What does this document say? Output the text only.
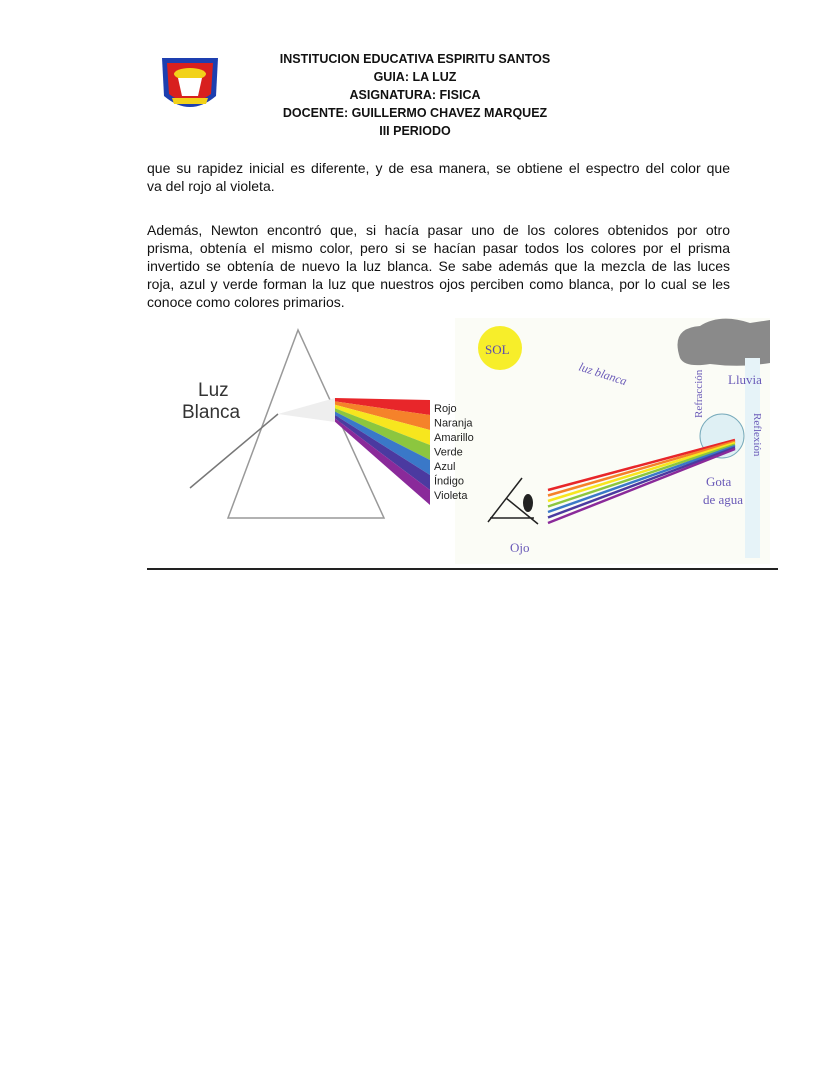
INSTITUCION EDUCATIVA ESPIRITU SANTOS
GUIA: LA LUZ
ASIGNATURA: FISICA
DOCENTE: GUILLERMO CHAVEZ MARQUEZ
III PERIODO
que su rapidez inicial es diferente, y de esa manera, se obtiene el espectro del color que
va del rojo al violeta.
Además, Newton encontró que, si hacía pasar uno de los colores obtenidos por otro
prisma, obtenía el mismo color, pero si se hacían pasar todos los colores por el prisma
invertido se obtenía de nuevo la luz blanca. Se sabe además que la mezcla de las luces
roja, azul y verde forman la luz que nuestros ojos perciben como blanca, por lo cual se les
conoce como colores primarios.
SOL
luz blanca	Lluvia
Refracción
Reflexión
Gota
de agua
Ojo
Luz
Blanca	Rojo
Naranja
Amarillo
Verde
Azul
Índigo
Violeta
